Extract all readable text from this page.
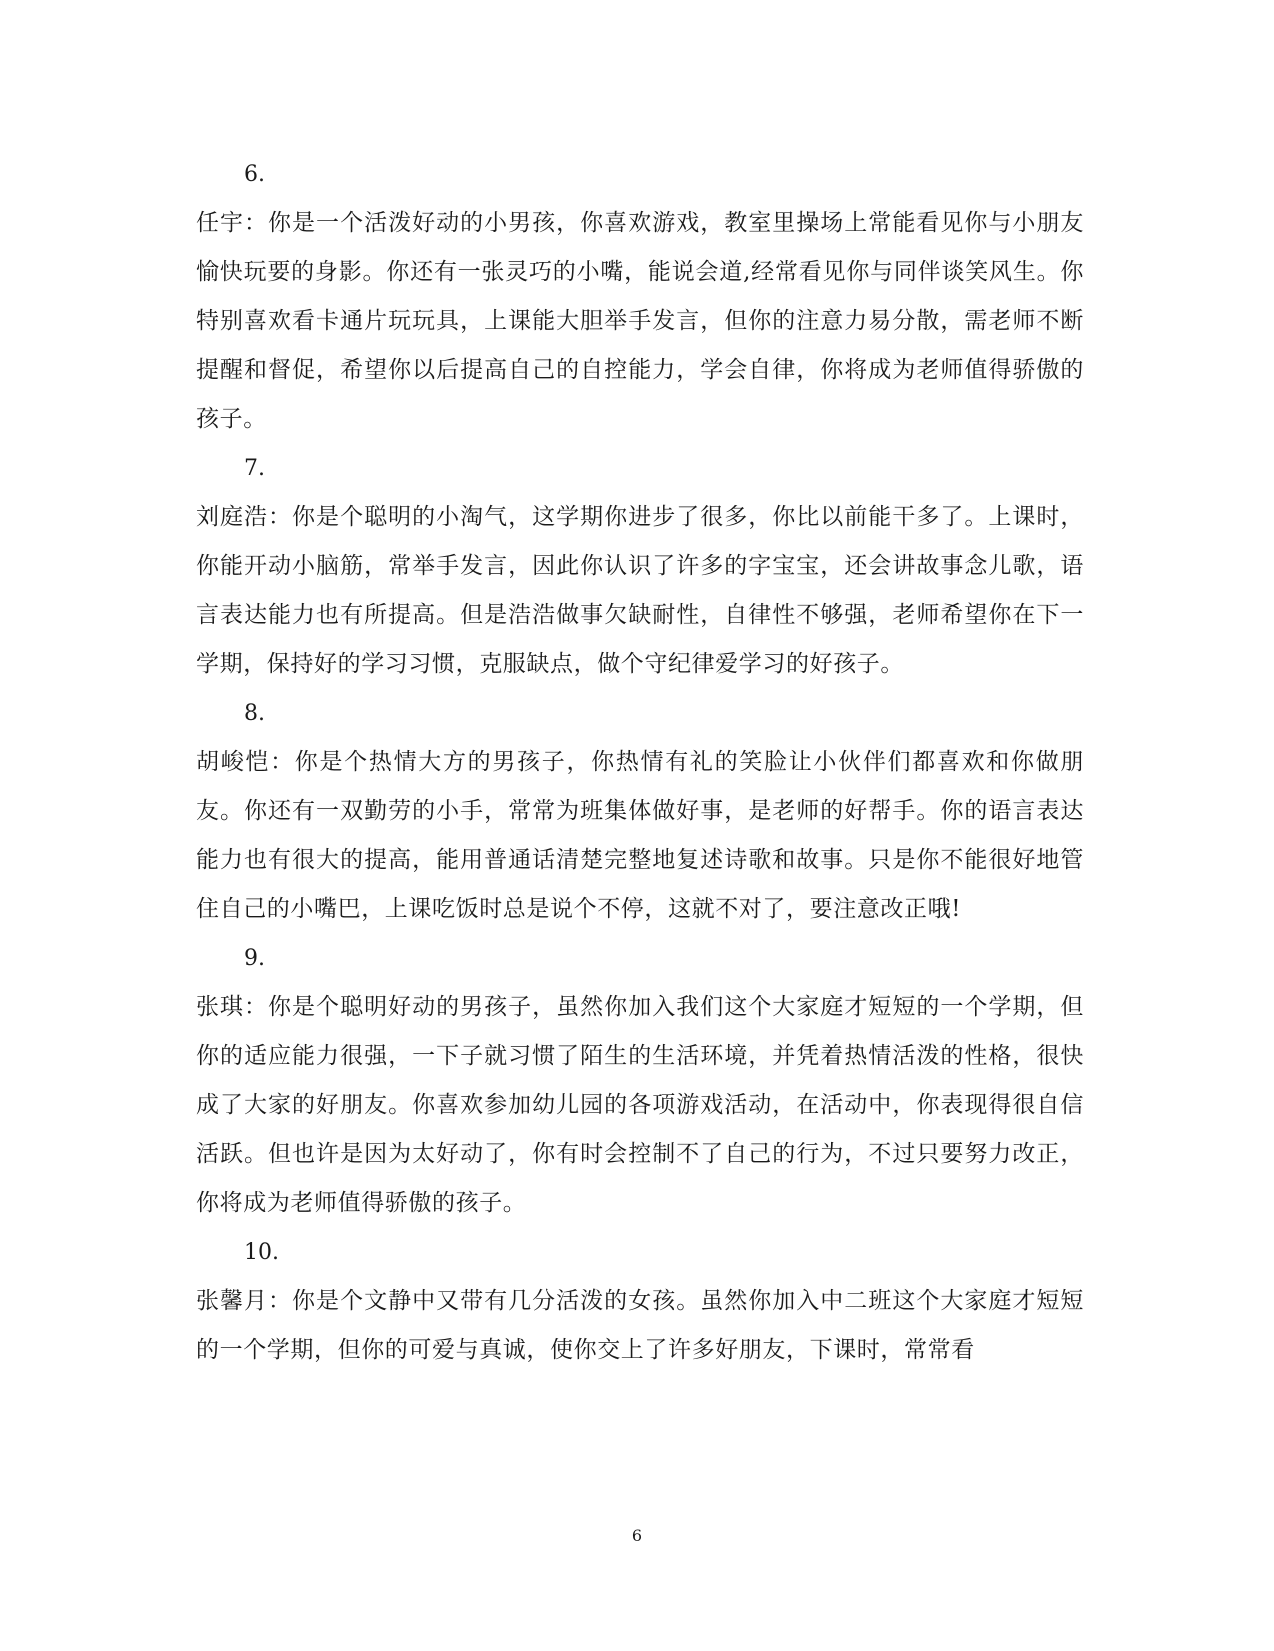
6.

任宇：你是一个活泼好动的小男孩，你喜欢游戏，教室里操场上常能看见你与小朋友愉快玩要的身影。你还有一张灵巧的小嘴，能说会道,经常看见你与同伴谈笑风生。你特别喜欢看卡通片玩玩具，上课能大胆举手发言，但你的注意力易分散，需老师不断提醒和督促，希望你以后提高自己的自控能力，学会自律，你将成为老师值得骄傲的孩子。

7.

刘庭浩：你是个聪明的小淘气，这学期你进步了很多，你比以前能干多了。上课时，你能开动小脑筋，常举手发言，因此你认识了许多的字宝宝，还会讲故事念儿歌，语言表达能力也有所提高。但是浩浩做事欠缺耐性，自律性不够强，老师希望你在下一学期，保持好的学习习惯，克服缺点，做个守纪律爱学习的好孩子。

8.

胡峻恺：你是个热情大方的男孩子，你热情有礼的笑脸让小伙伴们都喜欢和你做朋友。你还有一双勤劳的小手，常常为班集体做好事，是老师的好帮手。你的语言表达能力也有很大的提高，能用普通话清楚完整地复述诗歌和故事。只是你不能很好地管住自己的小嘴巴，上课吃饭时总是说个不停，这就不对了，要注意改正哦!

9.

张琪：你是个聪明好动的男孩子，虽然你加入我们这个大家庭才短短的一个学期，但你的适应能力很强，一下子就习惯了陌生的生活环境，并凭着热情活泼的性格，很快成了大家的好朋友。你喜欢参加幼儿园的各项游戏活动，在活动中，你表现得很自信活跃。但也许是因为太好动了，你有时会控制不了自己的行为，不过只要努力改正，你将成为老师值得骄傲的孩子。

10.

张馨月：你是个文静中又带有几分活泼的女孩。虽然你加入中二班这个大家庭才短短的一个学期，但你的可爱与真诚，使你交上了许多好朋友，下课时，常常看

6
